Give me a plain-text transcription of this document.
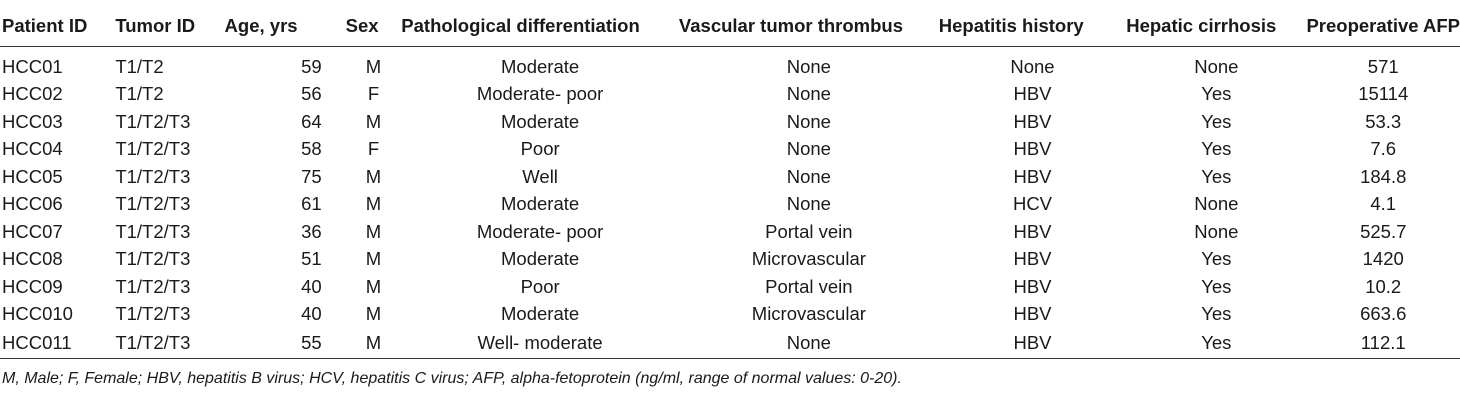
Patient ID	Tumor ID	Age, yrs	Sex	Pathological differentiation	Vascular tumor thrombus	Hepatitis history	Hepatic cirrhosis	Preoperative AFP
HCC01	T1/T2	59	M	Moderate	None	None	None	571
HCC02	T1/T2	56	F	Moderate- poor	None	HBV	Yes	15114
HCC03	T1/T2/T3	64	M	Moderate	None	HBV	Yes	53.3
HCC04	T1/T2/T3	58	F	Poor	None	HBV	Yes	7.6
HCC05	T1/T2/T3	75	M	Well	None	HBV	Yes	184.8
HCC06	T1/T2/T3	61	M	Moderate	None	HCV	None	4.1
HCC07	T1/T2/T3	36	M	Moderate- poor	Portal vein	HBV	None	525.7
HCC08	T1/T2/T3	51	M	Moderate	Microvascular	HBV	Yes	1420
HCC09	T1/T2/T3	40	M	Poor	Portal vein	HBV	Yes	10.2
HCC010	T1/T2/T3	40	M	Moderate	Microvascular	HBV	Yes	663.6
HCC011	T1/T2/T3	55	M	Well- moderate	None	HBV	Yes	112.1
M, Male; F, Female; HBV, hepatitis B virus; HCV, hepatitis C virus; AFP, alpha-fetoprotein (ng/ml, range of normal values: 0-20).
